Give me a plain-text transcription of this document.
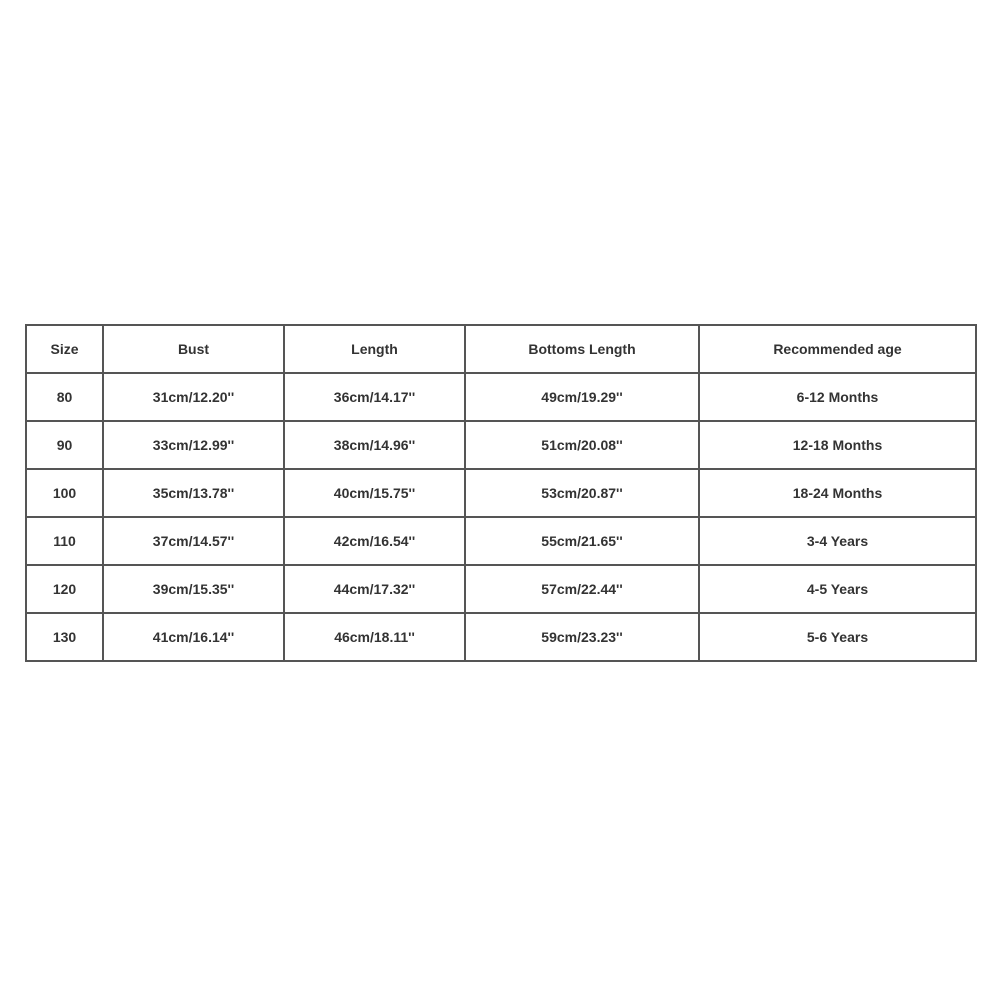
Size	Bust	Length	Bottoms Length	Recommended age
80	31cm/12.20''	36cm/14.17''	49cm/19.29''	6-12 Months
90	33cm/12.99''	38cm/14.96''	51cm/20.08''	12-18 Months
100	35cm/13.78''	40cm/15.75''	53cm/20.87''	18-24 Months
110	37cm/14.57''	42cm/16.54''	55cm/21.65''	3-4 Years
120	39cm/15.35''	44cm/17.32''	57cm/22.44''	4-5 Years
130	41cm/16.14''	46cm/18.11''	59cm/23.23''	5-6 Years
